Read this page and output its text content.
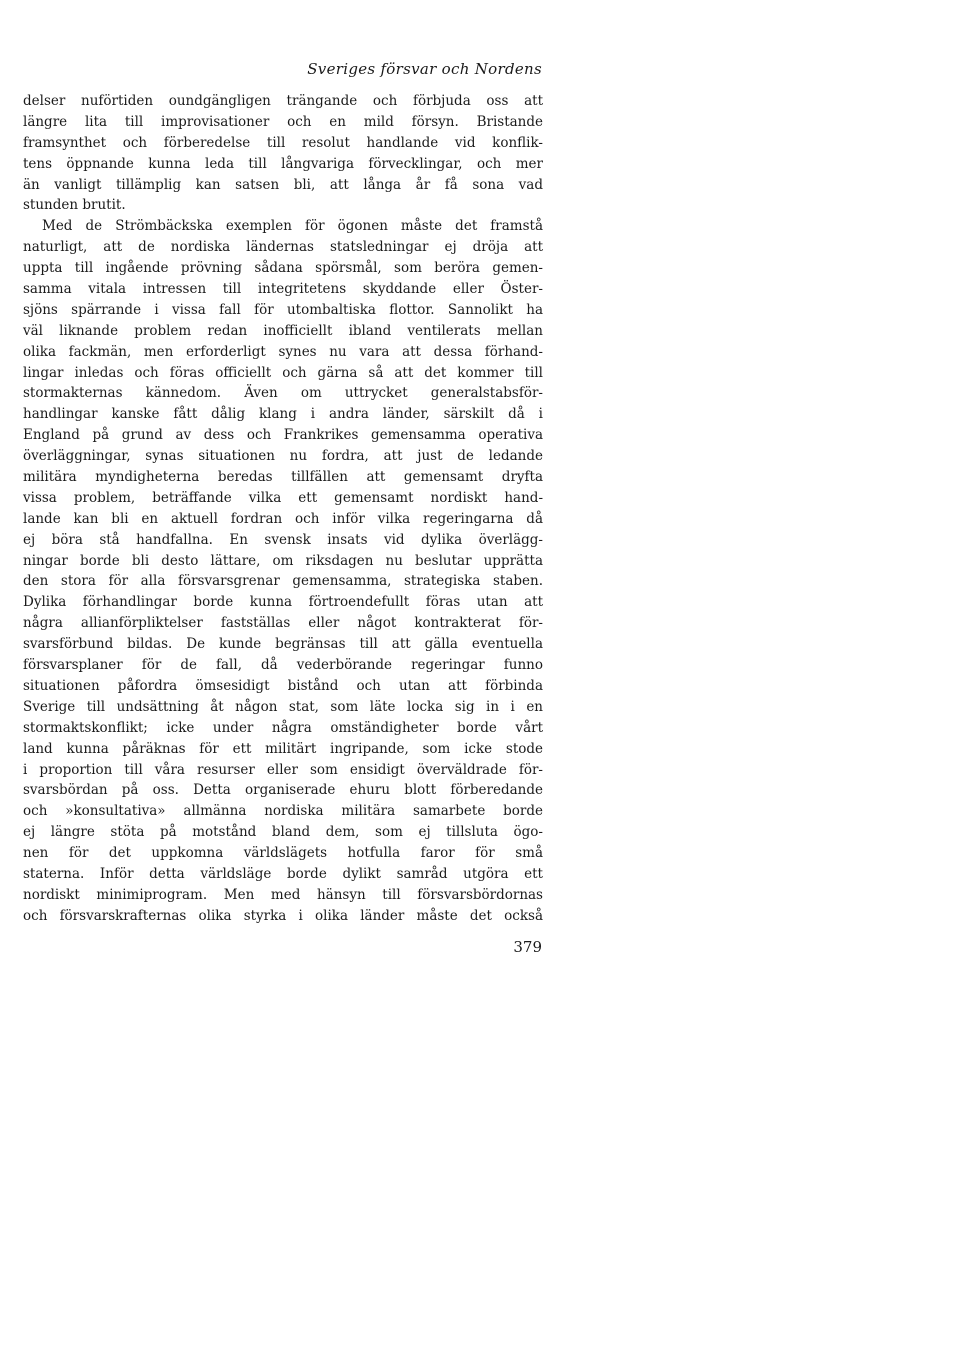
Sveriges försvar och Nordens
delser nuförtiden oundgängligen trängande och förbjuda oss att
längre lita till improvisationer och en mild försyn. Bristande
framsynthet och förberedelse till resolut handlande vid konflik-
tens öppnande kunna leda till långvariga förvecklingar, och mer
än vanligt tillämplig kan satsen bli, att långa år få sona vad
stunden brutit.
Med de Strömbäckska exemplen för ögonen måste det framstå
naturligt, att de nordiska ländernas statsledningar ej dröja att
uppta till ingående prövning sådana spörsmål, som beröra gemen-
samma vitala intressen till integritetens skyddande eller Öster-
sjöns spärrande i vissa fall för utombaltiska flottor. Sannolikt ha
väl liknande problem redan inofficiellt ibland ventilerats mellan
olika fackmän, men erforderligt synes nu vara att dessa förhand-
lingar inledas och föras officiellt och gärna så att det kommer till
stormakternas kännedom. Även om uttrycket generalstabsför-
handlingar kanske fått dålig klang i andra länder, särskilt då i
England på grund av dess och Frankrikes gemensamma operativa
överläggningar, synas situationen nu fordra, att just de ledande
militära myndigheterna beredas tillfällen att gemensamt dryfta
vissa problem, beträffande vilka ett gemensamt nordiskt hand-
lande kan bli en aktuell fordran och inför vilka regeringarna då
ej böra stå handfallna. En svensk insats vid dylika överlägg-
ningar borde bli desto lättare, om riksdagen nu beslutar upprätta
den stora för alla försvarsgrenar gemensamma, strategiska staben.
Dylika förhandlingar borde kunna förtroendefullt föras utan att
några allianförpliktelser fastställas eller något kontrakterat för-
svarsförbund bildas. De kunde begränsas till att gälla eventuella
försvarsplaner för de fall, då vederbörande regeringar funno
situationen påfordra ömsesidigt bistånd och utan att förbinda
Sverige till undsättning åt någon stat, som läte locka sig in i en
stormaktskonflikt; icke under några omständigheter borde vårt
land kunna påräknas för ett militärt ingripande, som icke stode
i proportion till våra resurser eller som ensidigt överväldrade för-
svarsbördan på oss. Detta organiserade ehuru blott förberedande
och »konsultativa» allmänna nordiska militära samarbete borde
ej längre stöta på motstånd bland dem, som ej tillsluta ögo-
nen för det uppkomna världslägets hotfulla faror för små
staterna. Inför detta världsläge borde dylikt samråd utgöra ett
nordiskt minimiprogram. Men med hänsyn till försvarsbördornas
och försvarskrafternas olika styrka i olika länder måste det också
379
